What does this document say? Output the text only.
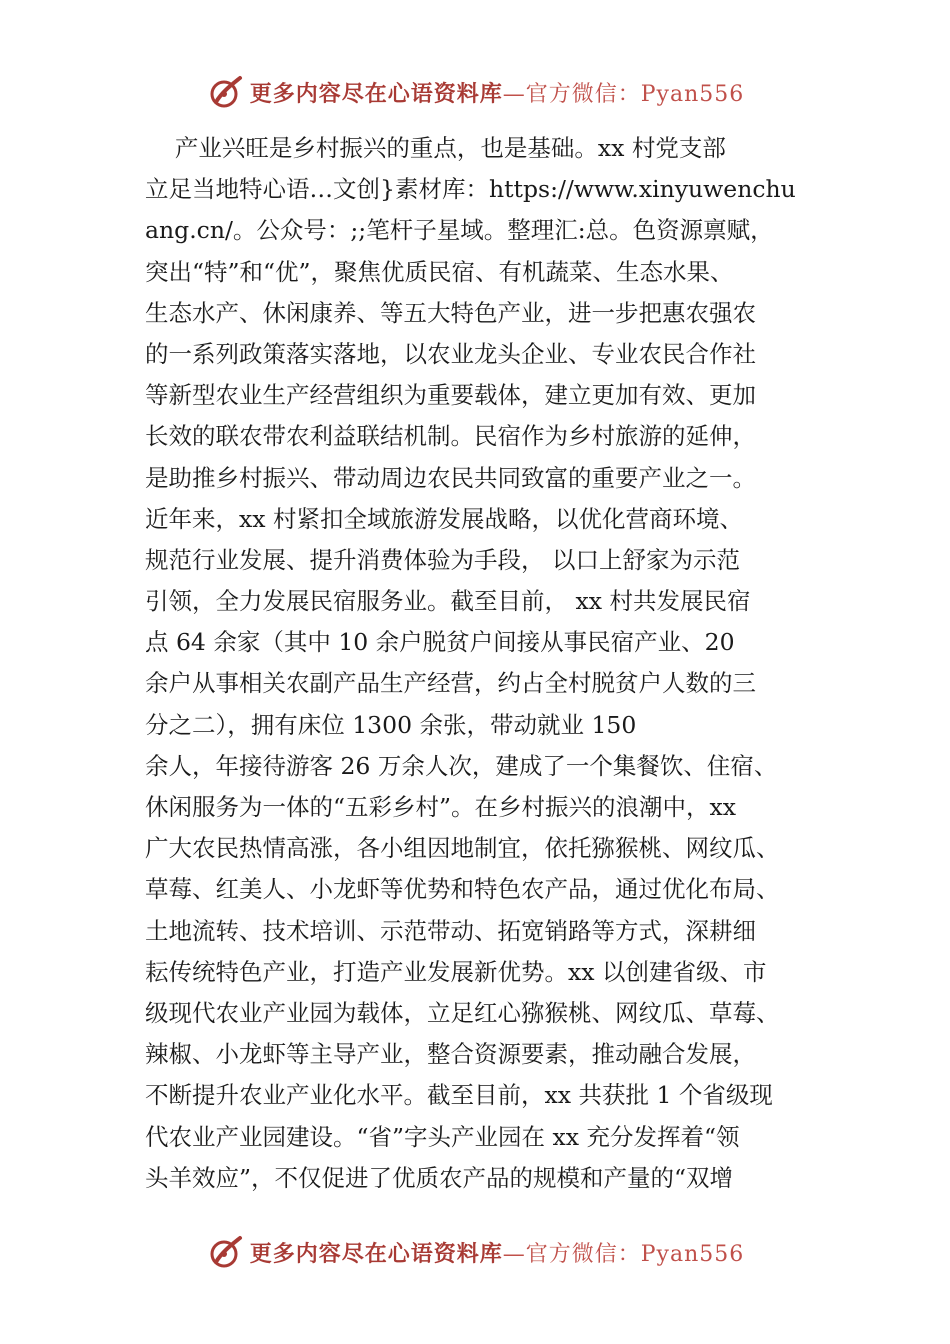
更多内容尽在心语资料库—官方微信：Pyan556
产业兴旺是乡村振兴的重点，也是基础。xx 村党支部
立足当地特心语…文创}素材库：https://www.xinyuwenchu
ang.cn/。公众号：;;笔杆子星域。整理汇:总。色资源禀赋，
突出“特”和“优”，聚焦优质民宿、有机蔬菜、生态水果、
生态水产、休闲康养、等五大特色产业，进一步把惠农强农
的一系列政策落实落地，以农业龙头企业、专业农民合作社
等新型农业生产经营组织为重要载体，建立更加有效、更加
长效的联农带农利益联结机制。民宿作为乡村旅游的延伸，
是助推乡村振兴、带动周边农民共同致富的重要产业之一。
近年来，xx 村紧扣全域旅游发展战略，以优化营商环境、
规范行业发展、提升消费体验为手段， 以口上舒家为示范
引领，全力发展民宿服务业。截至目前， xx 村共发展民宿
点 64 余家（其中 10 余户脱贫户间接从事民宿产业、20
余户从事相关农副产品生产经营，约占全村脱贫户人数的三
分之二），拥有床位 1300 余张，带动就业 150
余人，年接待游客 26 万余人次，建成了一个集餐饮、住宿、
休闲服务为一体的“五彩乡村”。在乡村振兴的浪潮中，xx
广大农民热情高涨，各小组因地制宜，依托猕猴桃、网纹瓜、
草莓、红美人、小龙虾等优势和特色农产品，通过优化布局、
土地流转、技术培训、示范带动、拓宽销路等方式，深耕细
耘传统特色产业，打造产业发展新优势。xx 以创建省级、市
级现代农业产业园为载体，立足红心猕猴桃、网纹瓜、草莓、
辣椒、小龙虾等主导产业，整合资源要素，推动融合发展，
不断提升农业产业化水平。截至目前，xx 共获批 1 个省级现
代农业产业园建设。“省”字头产业园在 xx 充分发挥着“领
头羊效应”，不仅促进了优质农产品的规模和产量的“双增
更多内容尽在心语资料库—官方微信：Pyan556
